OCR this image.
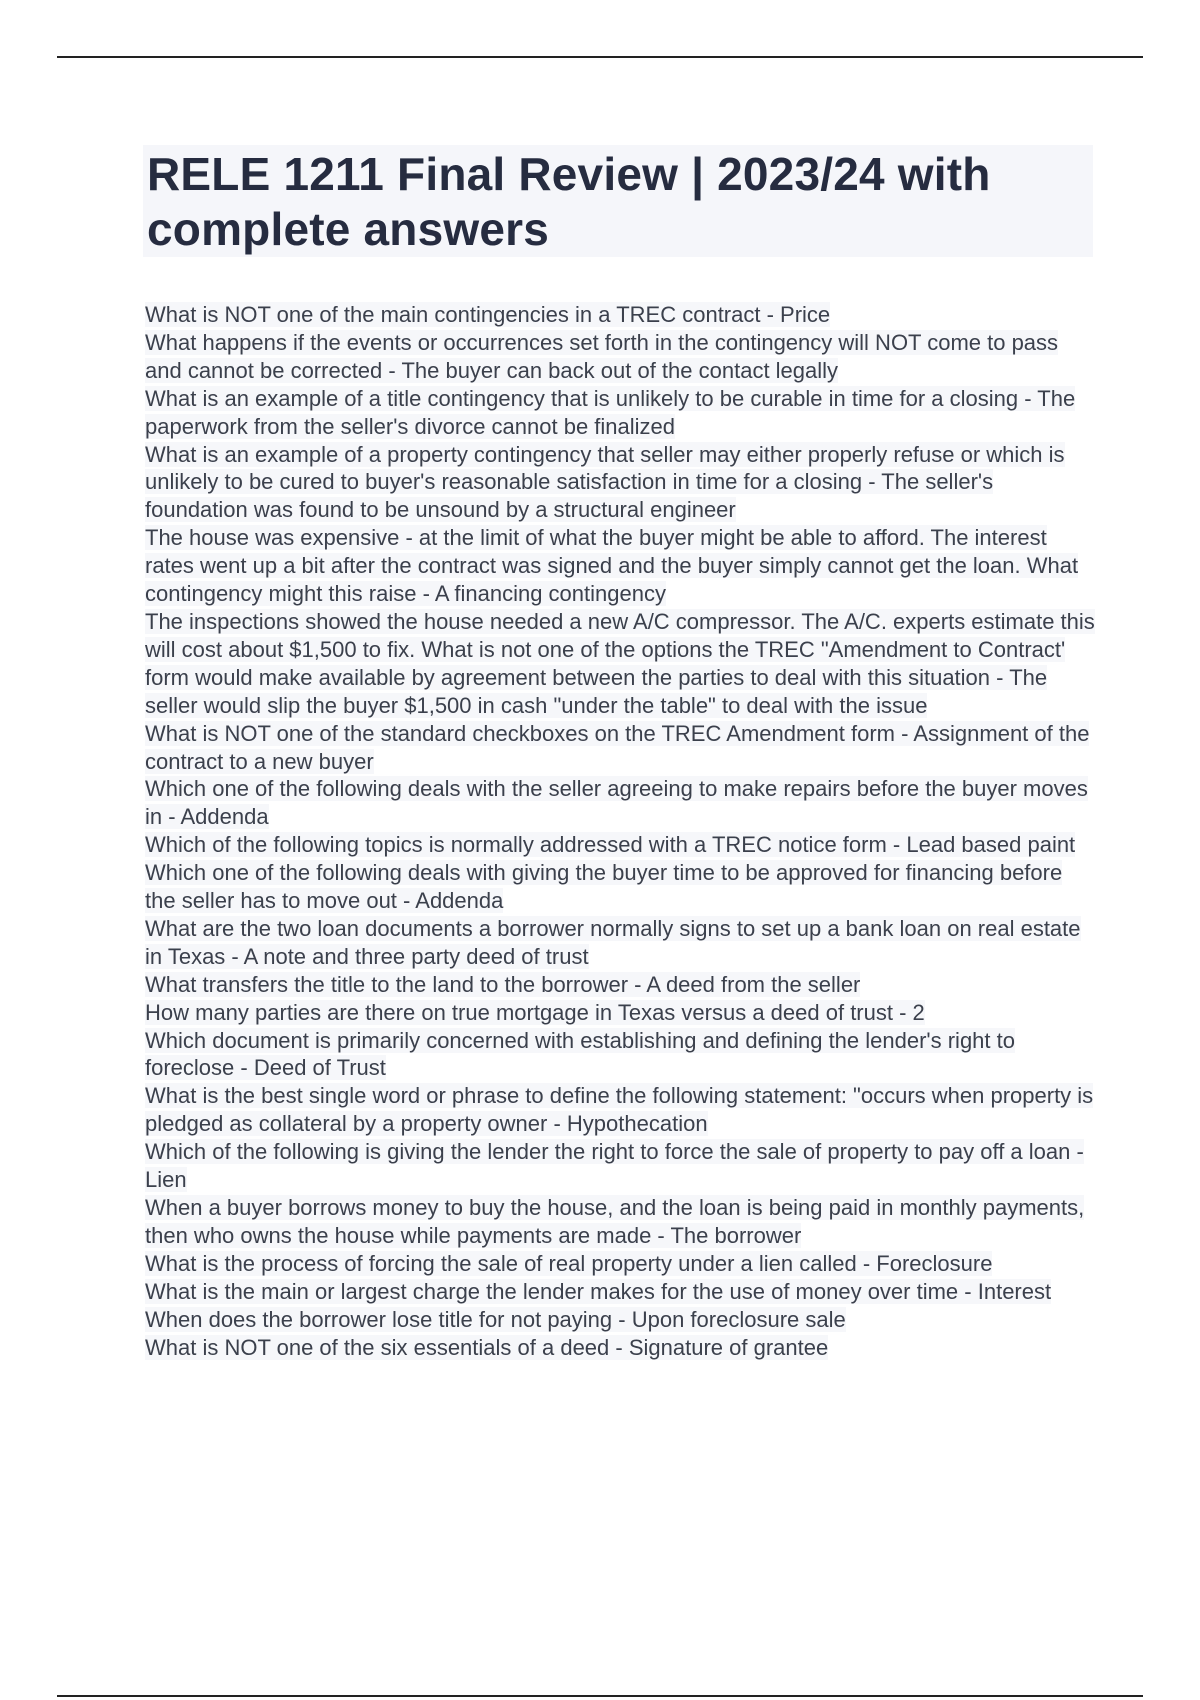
RELE 1211 Final Review | 2023/24 with complete answers
What is NOT one of the main contingencies in a TREC contract - Price
What happens if the events or occurrences set forth in the contingency will NOT come to pass and cannot be corrected - The buyer can back out of the contact legally
What is an example of a title contingency that is unlikely to be curable in time for a closing - The paperwork from the seller's divorce cannot be finalized
What is an example of a property contingency that seller may either properly refuse or which is unlikely to be cured to buyer's reasonable satisfaction in time for a closing - The seller's foundation was found to be unsound by a structural engineer
The house was expensive - at the limit of what the buyer might be able to afford. The interest rates went up a bit after the contract was signed and the buyer simply cannot get the loan. What contingency might this raise - A financing contingency
The inspections showed the house needed a new A/C compressor. The A/C. experts estimate this will cost about $1,500 to fix. What is not one of the options the TREC "Amendment to Contract' form would make available by agreement between the parties to deal with this situation - The seller would slip the buyer $1,500 in cash "under the table" to deal with the issue
What is NOT one of the standard checkboxes on the TREC Amendment form - Assignment of the contract to a new buyer
Which one of the following deals with the seller agreeing to make repairs before the buyer moves in - Addenda
Which of the following topics is normally addressed with a TREC notice form - Lead based paint
Which one of the following deals with giving the buyer time to be approved for financing before the seller has to move out - Addenda
What are the two loan documents a borrower normally signs to set up a bank loan on real estate in Texas - A note and three party deed of trust
What transfers the title to the land to the borrower - A deed from the seller
How many parties are there on true mortgage in Texas versus a deed of trust - 2
Which document is primarily concerned with establishing and defining the lender's right to foreclose - Deed of Trust
What is the best single word or phrase to define the following statement: "occurs when property is pledged as collateral by a property owner - Hypothecation
Which of the following is giving the lender the right to force the sale of property to pay off a loan - Lien
When a buyer borrows money to buy the house, and the loan is being paid in monthly payments, then who owns the house while payments are made - The borrower
What is the process of forcing the sale of real property under a lien called - Foreclosure
What is the main or largest charge the lender makes for the use of money over time - Interest
When does the borrower lose title for not paying - Upon foreclosure sale
What is NOT one of the six essentials of a deed - Signature of grantee
